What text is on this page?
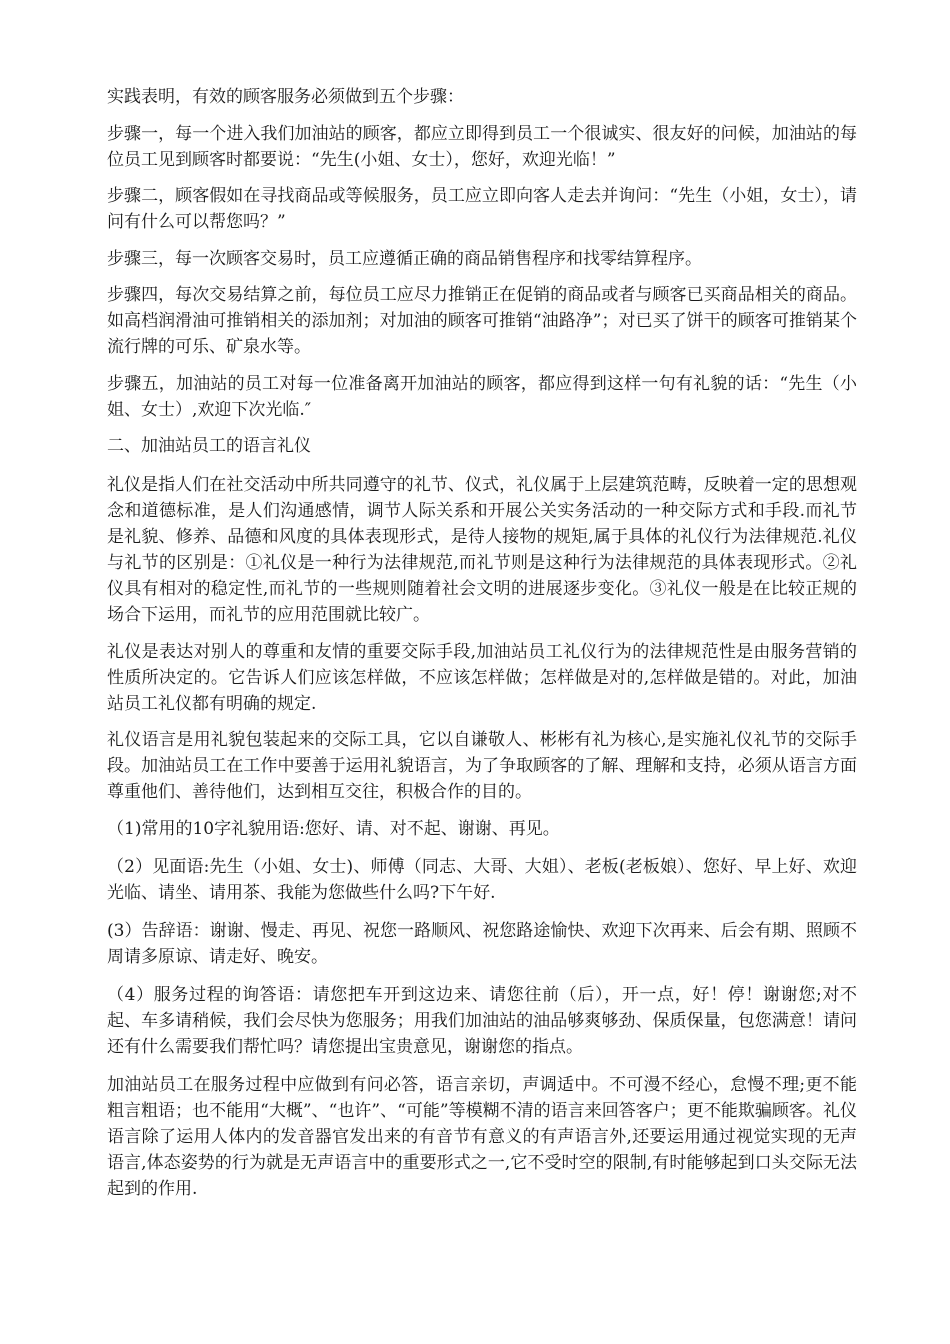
实践表明，有效的顾客服务必须做到五个步骤：

步骤一，每一个进入我们加油站的顾客，都应立即得到员工一个很诚实、很友好的问候，加油站的每位员工见到顾客时都要说：“先生(小姐、女士），您好，欢迎光临！”

步骤二，顾客假如在寻找商品或等候服务，员工应立即向客人走去并询问：“先生（小姐，女士），请问有什么可以帮您吗？”

步骤三，每一次顾客交易时，员工应遵循正确的商品销售程序和找零结算程序。

步骤四，每次交易结算之前，每位员工应尽力推销正在促销的商品或者与顾客已买商品相关的商品。如高档润滑油可推销相关的添加剂；对加油的顾客可推销“油路净”；对已买了饼干的顾客可推销某个流行牌的可乐、矿泉水等。

步骤五，加油站的员工对每一位准备离开加油站的顾客，都应得到这样一句有礼貌的话：“先生（小姐、女士）,欢迎下次光临.″

二、加油站员工的语言礼仪

礼仪是指人们在社交活动中所共同遵守的礼节、仪式，礼仪属于上层建筑范畴，反映着一定的思想观念和道德标准，是人们沟通感情，调节人际关系和开展公关实务活动的一种交际方式和手段.而礼节是礼貌、修养、品德和风度的具体表现形式，是待人接物的规矩,属于具体的礼仪行为法律规范.礼仪与礼节的区别是：①礼仪是一种行为法律规范,而礼节则是这种行为法律规范的具体表现形式。②礼仪具有相对的稳定性,而礼节的一些规则随着社会文明的进展逐步变化。③礼仪一般是在比较正规的场合下运用，而礼节的应用范围就比较广。

礼仪是表达对别人的尊重和友情的重要交际手段,加油站员工礼仪行为的法律规范性是由服务营销的性质所决定的。它告诉人们应该怎样做，不应该怎样做；怎样做是对的,怎样做是错的。对此，加油站员工礼仪都有明确的规定.

礼仪语言是用礼貌包装起来的交际工具，它以自谦敬人、彬彬有礼为核心,是实施礼仪礼节的交际手段。加油站员工在工作中要善于运用礼貌语言，为了争取顾客的了解、理解和支持，必须从语言方面尊重他们、善待他们，达到相互交往，积极合作的目的。

（1)常用的10字礼貌用语:您好、请、对不起、谢谢、再见。

（2）见面语:先生（小姐、女士)、师傅（同志、大哥、大姐）、老板(老板娘）、您好、早上好、欢迎光临、请坐、请用茶、我能为您做些什么吗?下午好.

(3）告辞语：谢谢、慢走、再见、祝您一路顺风、祝您路途愉快、欢迎下次再来、后会有期、照顾不周请多原谅、请走好、晚安。

（4）服务过程的询答语：请您把车开到这边来、请您往前（后），开一点，好！停！谢谢您;对不起、车多请稍候，我们会尽快为您服务；用我们加油站的油品够爽够劲、保质保量，包您满意！请问还有什么需要我们帮忙吗？请您提出宝贵意见，谢谢您的指点。

加油站员工在服务过程中应做到有问必答，语言亲切，声调适中。不可漫不经心，怠慢不理;更不能粗言粗语；也不能用“大概”、“也许”、“可能”等模糊不清的语言来回答客户；更不能欺骗顾客。礼仪语言除了运用人体内的发音器官发出来的有音节有意义的有声语言外,还要运用通过视觉实现的无声语言,体态姿势的行为就是无声语言中的重要形式之一,它不受时空的限制,有时能够起到口头交际无法起到的作用.
